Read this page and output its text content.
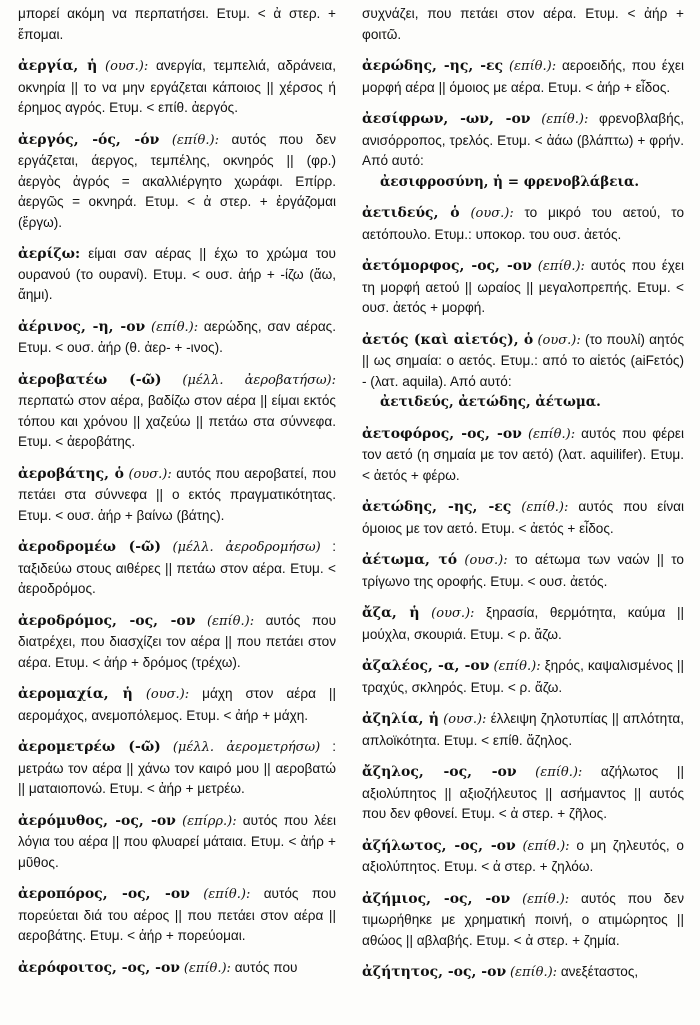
μπορεί ακόμη να περπατήσει. Ετυμ. < ἀ στερ. + ἕπομαι.

ἀεργία, ἡ (ουσ.): ανεργία, τεμπελιά, αδράνεια, οκνηρία || το να μην εργάζεται κάποιος || χέρσος ή έρημος αγρός. Ετυμ. < επίθ. ἀεργός.

ἀεργός, -ός, -όν (επίθ.): αυτός που δεν εργάζεται, άεργος, τεμπέλης, οκνηρός || (φρ.) ἀεργὸς ἀγρός = ακαλλιέργητο χωράφι. Επίρρ. ἀεργῶς = οκνηρά. Ετυμ. < ἀ στερ. + ἐργάζομαι (ἔργω).

ἀερίζω: είμαι σαν αέρας || έχω το χρώμα του ουρανού (το ουρανί). Ετυμ. < ουσ. ἀήρ + -ίζω (ἄω, ἄημι).

ἀέρινος, -η, -ον (επίθ.): αερώδης, σαν αέρας. Ετυμ. < ουσ. ἀήρ (θ. ἀερ- + -ινος).

ἀεροβατέω (-ῶ) (μέλλ. ἀεροβατήσω): περπατώ στον αέρα, βαδίζω στον αέρα || είμαι εκτός τόπου και χρόνου || χαζεύω || πετάω στα σύννεφα. Ετυμ. < ἀεροβάτης.

ἀεροβάτης, ὁ (ουσ.): αυτός που αεροβατεί, που πετάει στα σύννεφα || ο εκτός πραγματικότητας. Ετυμ. < ουσ. ἀήρ + βαίνω (βάτης).

ἀεροδρομέω (-ῶ) (μέλλ. ἀεροδρομήσω) : ταξιδεύω στους αιθέρες || πετάω στον αέρα. Ετυμ. < ἀεροδρόμος.

ἀεροδρόμος, -ος, -ον (επίθ.): αυτός που διατρέχει, που διασχίζει τον αέρα || που πετάει στον αέρα. Ετυμ. < ἀήρ + δρόμος (τρέχω).

ἀερομαχία, ἡ (ουσ.): μάχη στον αέρα || αερομάχος, ανεμοπόλεμος. Ετυμ. < ἀήρ + μάχη.

ἀερομετρέω (-ῶ) (μέλλ. ἀερομετρήσω) : μετράω τον αέρα || χάνω τον καιρό μου || αεροβατώ || ματαιοπονώ. Ετυμ. < ἀήρ + μετρέω.

ἀερόμυθος, -ος, -ον (επίρρ.): αυτός που λέει λόγια του αέρα || που φλυαρεί μάταια. Ετυμ. < ἀήρ + μῦθος.

ἀεροπόρος, -ος, -ον (επίθ.): αυτός που πορεύεται διά του αέρος || που πετάει στον αέρα || αεροβάτης. Ετυμ. < ἀήρ + πορεύομαι.

ἀερόφοιτος, -ος, -ον (επίθ.): αυτός που

συχνάζει, που πετάει στον αέρα. Ετυμ. < ἀήρ + φοιτῶ.

ἀερώδης, -ης, -ες (επίθ.): αεροειδής, που έχει μορφή αέρα || όμοιος με αέρα. Ετυμ. < ἀήρ + εἶδος.

ἀεσίφρων, -ων, -ον (επίθ.): φρενοβλαβής, ανισόρροπος, τρελός. Ετυμ. < ἀάω (βλάπτω) + φρήν. Από αυτό:
ἀεσιφροσύνη, ἡ = φρενοβλάβεια.

ἀετιδεύς, ὁ (ουσ.): το μικρό του αετού, το αετόπουλο. Ετυμ.: υποκορ. του ουσ. ἀετός.

ἀετόμορφος, -ος, -ον (επίθ.): αυτός που έχει τη μορφή αετού || ωραίος || μεγαλοπρεπής. Ετυμ. < ουσ. ἀετός + μορφή.

ἀετός (καὶ αἰετός), ὁ (ουσ.): (το πουλί) αητός || ως σημαία: ο αετός. Ετυμ.: από το αἰετός (aiFετός) - (λατ. aquila). Από αυτό:
ἀετιδεύς, ἀετώδης, ἀέτωμα.

ἀετοφόρος, -ος, -ον (επίθ.): αυτός που φέρει τον αετό (η σημαία με τον αετό) (λατ. aquilifer). Ετυμ. < ἀετός + φέρω.

ἀετώδης, -ης, -ες (επίθ.): αυτός που είναι όμοιος με τον αετό. Ετυμ. < ἀετός + εἶδος.

ἀέτωμα, τό (ουσ.): το αέτωμα των ναών || το τρίγωνο της οροφής. Ετυμ. < ουσ. ἀετός.

ἄζα, ἡ (ουσ.): ξηρασία, θερμότητα, καύμα || μούχλα, σκουριά. Ετυμ. < ρ. ἄζω.

ἀζαλέος, -α, -ον (επίθ.): ξηρός, καψαλισμένος || τραχύς, σκληρός. Ετυμ. < ρ. ἄζω.

ἀζηλία, ἡ (ουσ.): έλλειψη ζηλοτυπίας || απλότητα, απλοϊκότητα. Ετυμ. < επίθ. ἄζηλος.

ἄζηλος, -ος, -ον (επίθ.): αζήλωτος || αξιολύπητος || αξιοζήλευτος || ασήμαντος || αυτός που δεν φθονεί. Ετυμ. < ἀ στερ. + ζῆλος.

ἀζήλωτος, -ος, -ον (επίθ.): ο μη ζηλευτός, ο αξιολύπητος. Ετυμ. < ἀ στερ. + ζηλόω.

ἀζήμιος, -ος, -ον (επίθ.): αυτός που δεν τιμωρήθηκε με χρηματική ποινή, ο ατιμώρητος || αθώος || αβλαβής. Ετυμ. < ἀ στερ. + ζημία.

ἀζήτητος, -ος, -ον (επίθ.): ανεξέταστος,
